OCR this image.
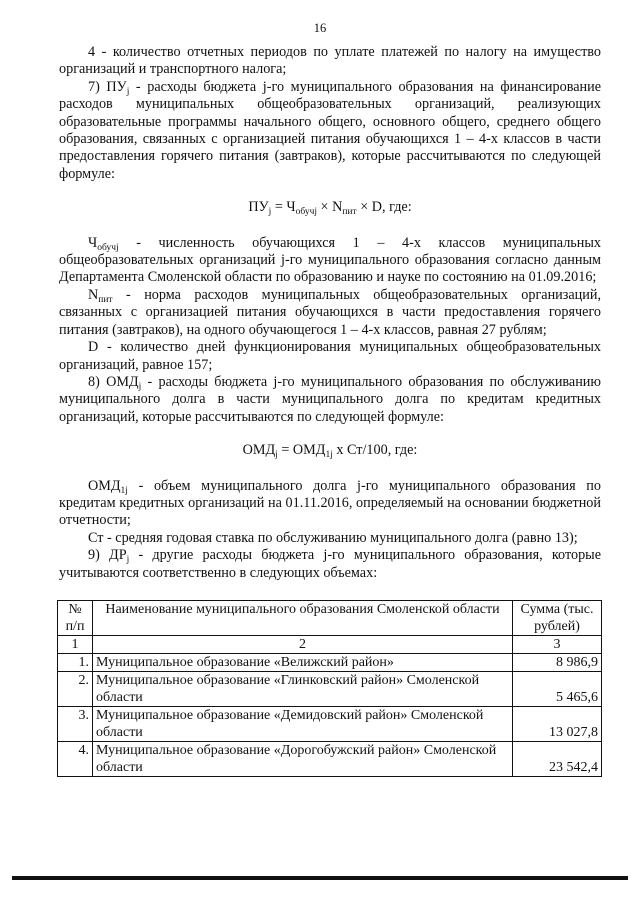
16

4 - количество отчетных периодов по уплате платежей по налогу на имущество организаций и транспортного налога;

7) $ПУ_j$ - расходы бюджета j-го муниципального образования на финансирование расходов муниципальных общеобразовательных организаций, реализующих образовательные программы начального общего, основного общего, среднего общего образования, связанных с организацией питания обучающихся 1 – 4-х классов в части предоставления горячего питания (завтраков), которые рассчитываются по следующей формуле:

$ПУ_j = Ч_{обучj} \times N_{пит} \times D$, где:

$Ч_{обучj}$ - численность обучающихся 1 – 4-х классов муниципальных общеобразовательных организаций j-го муниципального образования согласно данным Департамента Смоленской области по образованию и науке по состоянию на 01.09.2016;

$N_{пит}$ - норма расходов муниципальных общеобразовательных организаций, связанных с организацией питания обучающихся в части предоставления горячего питания (завтраков), на одного обучающегося 1 – 4-х классов, равная 27 рублям;

D - количество дней функционирования муниципальных общеобразовательных организаций, равное 157;

8) $ОМД_j$ - расходы бюджета j-го муниципального образования по обслуживанию муниципального долга в части муниципального долга по кредитам кредитных организаций, которые рассчитываются по следующей формуле:

$ОМД_j = ОМД_{1j}$ x Ст/100, где:

$ОМД_{1j}$ - объем муниципального долга j-го муниципального образования по кредитам кредитных организаций на 01.11.2016, определяемый на основании бюджетной отчетности;

Ст - средняя годовая ставка по обслуживанию муниципального долга (равно 13);

9) $ДР_j$ - другие расходы бюджета j-го муниципального образования, которые учитываются соответственно в следующих объемах:

№ п/п	Наименование муниципального образования Смоленской области	Сумма (тыс. рублей)
1	2	3
1.	Муниципальное образование «Велижский район»	8 986,9
2.	Муниципальное образование «Глинковский район» Смоленской области	5 465,6
3.	Муниципальное образование «Демидовский район» Смоленской области	13 027,8
4.	Муниципальное образование «Дорогобужский район» Смоленской области	23 542,4
